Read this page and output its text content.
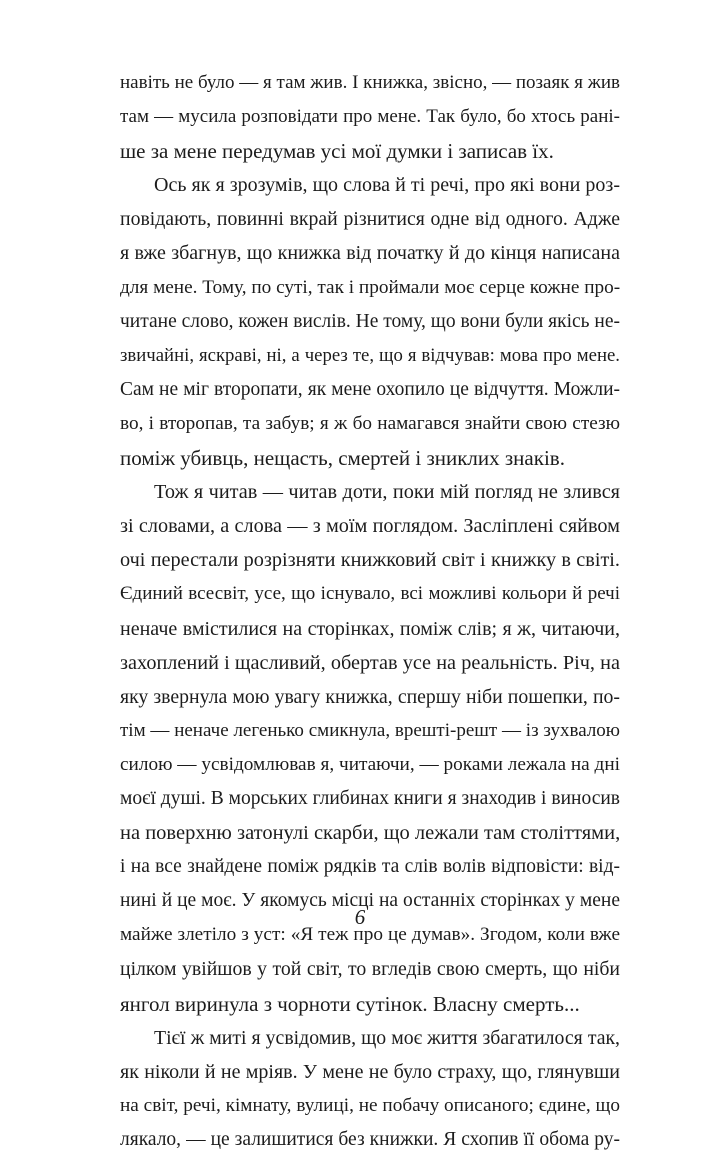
навіть не було — я там жив. І книжка, звісно, — позаяк я жив
там — мусила розповідати про мене. Так було, бо хтось рані-
ше за мене передумав усі мої думки і записав їх.
Ось як я зрозумів, що слова й ті речі, про які вони роз-
повідають, повинні вкрай різнитися одне від одного. Адже
я вже збагнув, що книжка від початку й до кінця написана
для мене. Тому, по суті, так і проймали моє серце кожне про-
читане слово, кожен вислів. Не тому, що вони були якісь не-
звичайні, яскраві, ні, а через те, що я відчував: мова про мене.
Сам не міг второпати, як мене охопило це відчуття. Можли-
во, і второпав, та забув; я ж бо намагався знайти свою стезю
поміж убивць, нещасть, смертей і зниклих знаків.
Тож я читав — читав доти, поки мій погляд не злився
зі словами, а слова — з моїм поглядом. Засліплені сяйвом
очі перестали розрізняти книжковий світ і книжку в світі.
Єдиний всесвіт, усе, що існувало, всі можливі кольори й речі
неначе вмістилися на сторінках, поміж слів; я ж, читаючи,
захоплений і щасливий, обертав усе на реальність. Річ, на
яку звернула мою увагу книжка, спершу ніби пошепки, по-
тім — неначе легенько смикнула, врешті-решт — із зухвалою
силою — усвідомлював я, читаючи, — роками лежала на дні
моєї душі. В морських глибинах книги я знаходив і виносив
на поверхню затонулі скарби, що лежали там століттями,
і на все знайдене поміж рядків та слів волів відповісти: від-
нині й це моє. У якомусь місці на останніх сторінках у мене
майже злетіло з уст: «Я теж про це думав». Згодом, коли вже
цілком увійшов у той світ, то вгледів свою смерть, що ніби
янгол виринула з чорноти сутінок. Власну смерть...
Тієї ж миті я усвідомив, що моє життя збагатилося так,
як ніколи й не мріяв. У мене не було страху, що, глянувши
на світ, речі, кімнату, вулиці, не побачу описаного; єдине, що
лякало, — це залишитися без книжки. Я схопив її обома ру-
6
